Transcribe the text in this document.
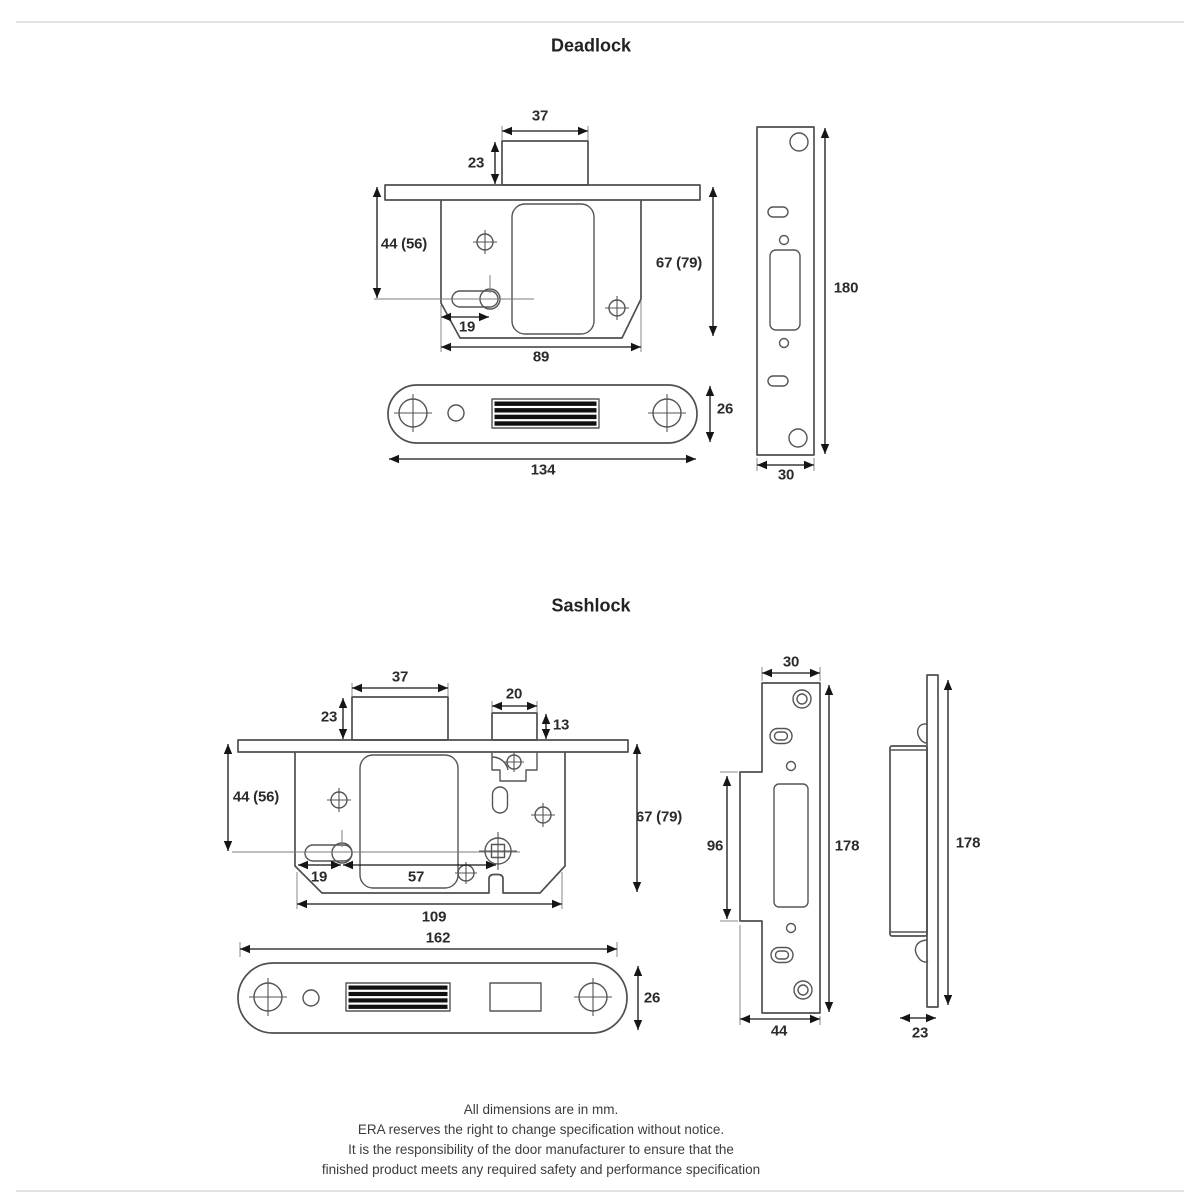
Deadlock
37
23
44 (56)
67 (79)
19
89
180
30
26
134
Sashlock
37
23
20
13
44 (56)
67 (79)
19	57
109
162
26
30
96	178
44
178
23
All dimensions are in mm.
ERA reserves the right to change specification without notice.
It is the responsibility of the door manufacturer to ensure that the
finished product meets any required safety and performance specification
